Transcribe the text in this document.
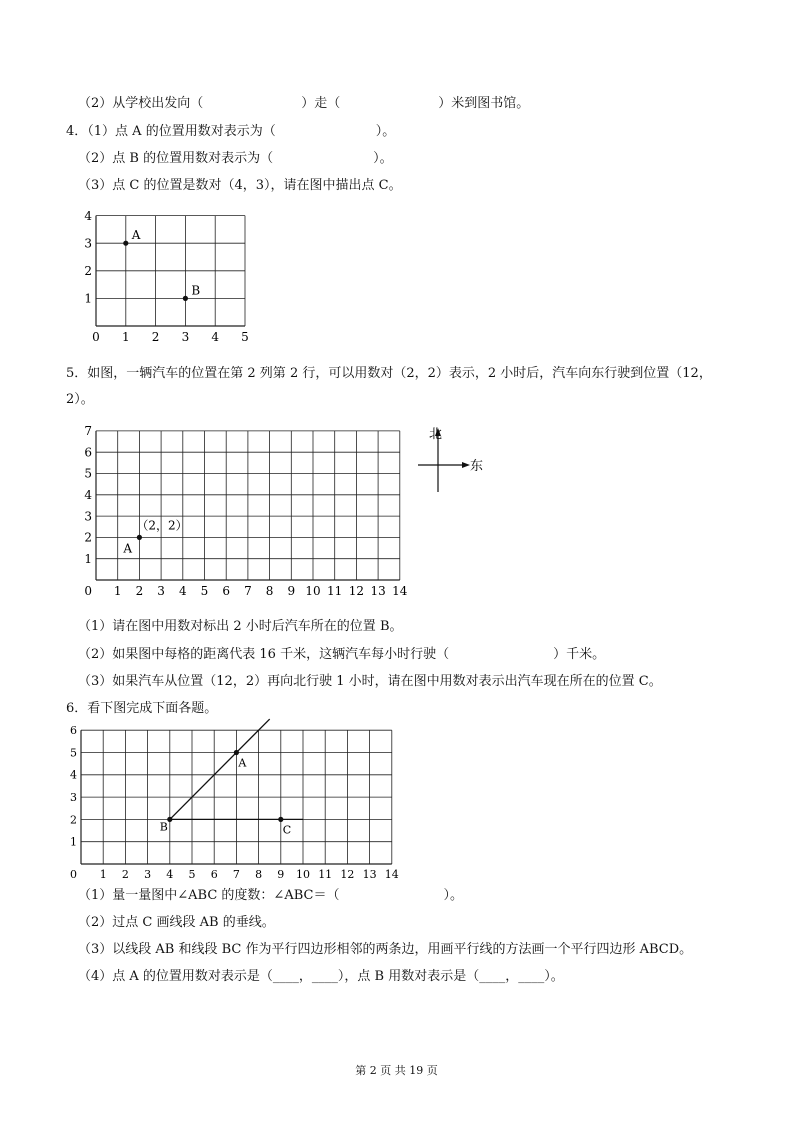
（2）从学校出发向（	）走（	）米到图书馆。
4．（1）点 A 的位置用数对表示为（	）。
（2）点 B 的位置用数对表示为（	）。
（3）点 C 的位置是数对（4，3），请在图中描出点 C。
0 1 2 3 4 5
1
2
3
4
A
B
5．如图，一辆汽车的位置在第 2 列第 2 行，可以用数对（2，2）表示，2 小时后，汽车向东行驶到位置（12，
2）。
0 1 2 3 4 5 6 7 8 9 10 11 12 13 14
1
2
3
4
5
6
7
A
（2，2）
北
东
（1）请在图中用数对标出 2 小时后汽车所在的位置 B。
（2）如果图中每格的距离代表 16 千米，这辆汽车每小时行驶（	）千米。
（3）如果汽车从位置（12，2）再向北行驶 1 小时，请在图中用数对表示出汽车现在所在的位置 C。
6．看下图完成下面各题。
0 1 2 3 4 5 6 7 8 9 10 11 12 13 14
1
2
3
4
5
6
A
B	C
（1）量一量图中∠ABC 的度数：∠ABC＝（	）。
（2）过点 C 画线段 AB 的垂线。
（3）以线段 AB 和线段 BC 作为平行四边形相邻的两条边，用画平行线的方法画一个平行四边形 ABCD。
（4）点 A 的位置用数对表示是（____，____），点 B 用数对表示是（____，____）。
第 2 页 共 19 页
